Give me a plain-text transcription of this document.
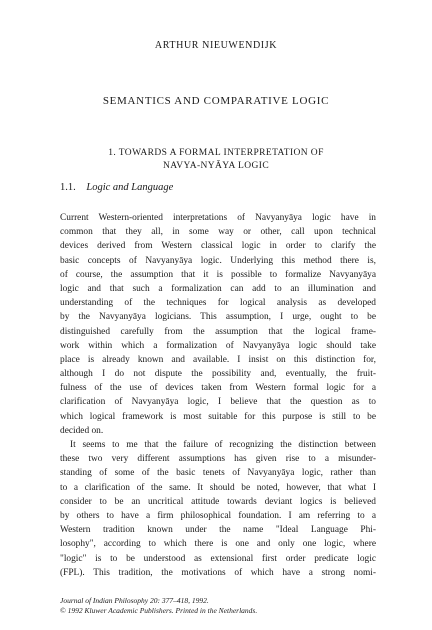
ARTHUR NIEUWENDIJK
SEMANTICS AND COMPARATIVE LOGIC
1. TOWARDS A FORMAL INTERPRETATION OF
NAVYA-NYĀYA LOGIC
1.1. Logic and Language
Current Western-oriented interpretations of Navyanyāya logic have in
common that they all, in some way or other, call upon technical
devices derived from Western classical logic in order to clarify the
basic concepts of Navyanyāya logic. Underlying this method there is,
of course, the assumption that it is possible to formalize Navyanyāya
logic and that such a formalization can add to an illumination and
understanding of the techniques for logical analysis as developed
by the Navyanyāya logicians. This assumption, I urge, ought to be
distinguished carefully from the assumption that the logical frame-
work within which a formalization of Navyanyāya logic should take
place is already known and available. I insist on this distinction for,
although I do not dispute the possibility and, eventually, the fruit-
fulness of the use of devices taken from Western formal logic for a
clarification of Navyanyāya logic, I believe that the question as to
which logical framework is most suitable for this purpose is still to be
decided on.
It seems to me that the failure of recognizing the distinction between
these two very different assumptions has given rise to a misunder-
standing of some of the basic tenets of Navyanyāya logic, rather than
to a clarification of the same. It should be noted, however, that what I
consider to be an uncritical attitude towards deviant logics is believed
by others to have a firm philosophical foundation. I am referring to a
Western tradition known under the name "Ideal Language Phi-
losophy", according to which there is one and only one logic, where
"logic" is to be understood as extensional first order predicate logic
(FPL). This tradition, the motivations of which have a strong nomi-
Journal of Indian Philosophy 20: 377–418, 1992.
© 1992 Kluwer Academic Publishers. Printed in the Netherlands.
